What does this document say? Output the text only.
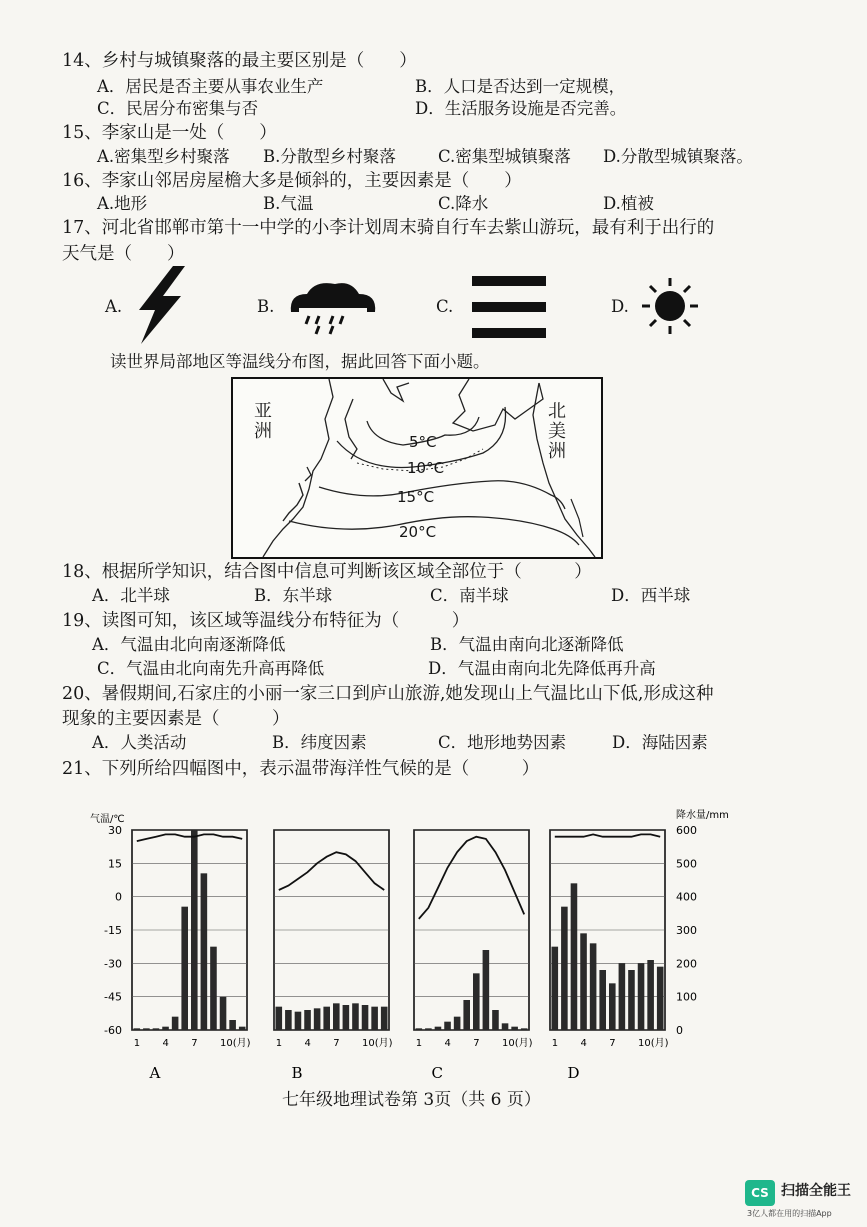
14、乡村与城镇聚落的最主要区别是（　　）
A．居民是否主要从事农业生产	B．人口是否达到一定规模，
C．民居分布密集与否	D．生活服务设施是否完善。
15、李家山是一处（　　）
A.密集型乡村聚落 B.分散型乡村聚落	C.密集型城镇聚落 D.分散型城镇聚落。
16、李家山邻居房屋檐大多是倾斜的，主要因素是（　　）
A.地形	B.气温	C.降水	D.植被
17、河北省邯郸市第十一中学的小李计划周末骑自行车去紫山游玩，最有利于出行的
天气是（　　）
A.	B.	C.	D.
读世界局部地区等温线分布图，据此回答下面小题。
亚洲	北美洲
5°C
10°C
15°C
20°C
18、根据所学知识，结合图中信息可判断该区域全部位于（　　　）
A．北半球	B．东半球	C．南半球	D．西半球
19、读图可知，该区域等温线分布特征为（　　　）
A．气温由北向南逐渐降低	B．气温由南向北逐渐降低
C．气温由北向南先升高再降低	D．气温由南向北先降低再升高
20、暑假期间,石家庄的小丽一家三口到庐山旅游,她发现山上气温比山下低,形成这种
现象的主要因素是（　　　）
A．人类活动	B．纬度因素	C．地形地势因素	D．海陆因素
21、下列所给四幅图中，表示温带海洋性气候的是（　　　）
气温/℃	降水量/mm
30
15
0
-15
-30
-45
-60
600
500
400
300
200
100
0
1 4 7 10(月)
A
1 4 7 10(月)
B
1 4 7 10(月)
C
1 4 7 10(月)
D
七年级地理试卷第 3页（共 6 页）
CS 扫描全能王
3亿人都在用的扫描App
